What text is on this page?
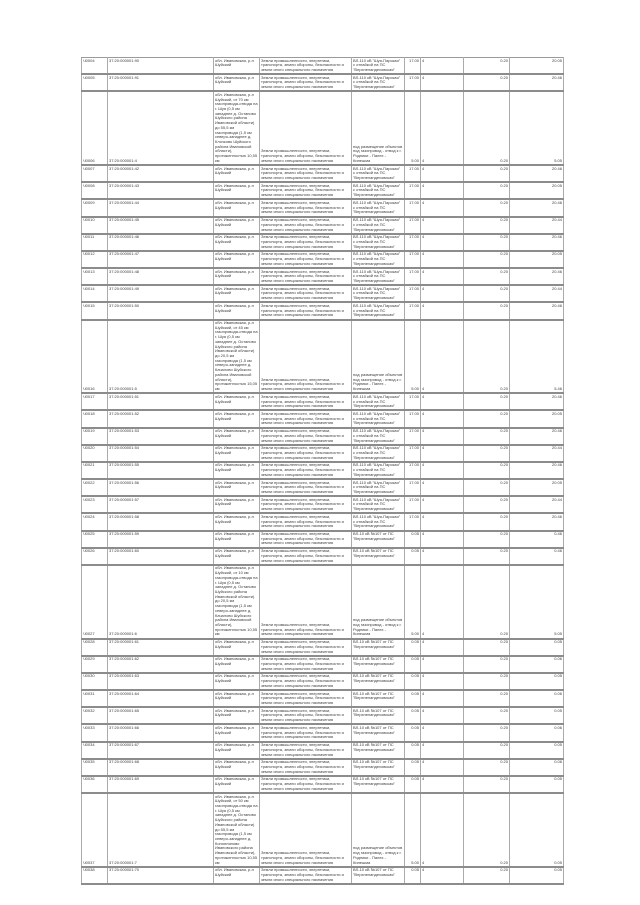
Ч0004	37:20:000001:90	обл. Ивановская, р-н Шуйский	Земли промышленности, энергетики, транспорта, земли обороны, безопасности и земли иного специального назначения	ВЛ-110 кВ "Шуя-Парская" с отпайкой на ПС "Верхнеландеховская"	17.00	4	0.20	20.05
Ч0005	37:20:000001:91	обл. Ивановская, р-н Шуйский	Земли промышленности, энергетики, транспорта, земли обороны, безопасности и земли иного специального назначения	ВЛ-110 кВ "Шуя-Парская" с отпайкой на ПС "Верхнеландеховская"	17.00	4	0.20	20.46
Ч0006	37:20:000001:4	обл. Ивановская, р-н Шуйский, от 70 км газопровода-отвода на г. Шуя (0,5 км западнее д. Остапово Шуйского района Ивановской области) до 55,5 км газопровода (1,5 км северо-западнее д. Клочково Шуйского района Ивановской области), протяженностью 10,55 км	Земли промышленности, энергетики, транспорта, земли обороны, безопасности и земли иного специального назначения	под размещение объектов под газопровод - отвод к г. Родники - Палех - Кинешма	5.00	4	0.20	5.05
Ч0007	37:20:000001:42	обл. Ивановская, р-н Шуйский	Земли промышленности, энергетики, транспорта, земли обороны, безопасности и земли иного специального назначения	ВЛ-110 кВ "Шуя-Парская" с отпайкой на ПС "Верхнеландеховская"	17.00	4	0.20	20.46
Ч0008	37:20:000001:43	обл. Ивановская, р-н Шуйский	Земли промышленности, энергетики, транспорта, земли обороны, безопасности и земли иного специального назначения	ВЛ-110 кВ "Шуя-Парская" с отпайкой на ПС "Верхнеландеховская"	17.00	4	0.20	20.05
Ч0009	37:20:000001:44	обл. Ивановская, р-н Шуйский	Земли промышленности, энергетики, транспорта, земли обороны, безопасности и земли иного специального назначения	ВЛ-110 кВ "Шуя-Парская" с отпайкой на ПС "Верхнеландеховская"	17.00	4	0.20	20.46
Ч0010	37:20:000001:45	обл. Ивановская, р-н Шуйский	Земли промышленности, энергетики, транспорта, земли обороны, безопасности и земли иного специального назначения	ВЛ-110 кВ "Шуя-Парская" с отпайкой на ПС "Верхнеландеховская"	17.00	4	0.20	20.44
Ч0011	37:20:000001:46	обл. Ивановская, р-н Шуйский	Земли промышленности, энергетики, транспорта, земли обороны, безопасности и земли иного специального назначения	ВЛ-110 кВ "Шуя-Парская" с отпайкой на ПС "Верхнеландеховская"	17.00	4	0.20	20.46
Ч0012	37:20:000001:47	обл. Ивановская, р-н Шуйский	Земли промышленности, энергетики, транспорта, земли обороны, безопасности и земли иного специального назначения	ВЛ-110 кВ "Шуя-Парская" с отпайкой на ПС "Верхнеландеховская"	17.00	4	0.20	20.05
Ч0013	37:20:000001:48	обл. Ивановская, р-н Шуйский	Земли промышленности, энергетики, транспорта, земли обороны, безопасности и земли иного специального назначения	ВЛ-110 кВ "Шуя-Парская" с отпайкой на ПС "Верхнеландеховская"	17.00	4	0.20	20.46
Ч0014	37:20:000001:49	обл. Ивановская, р-н Шуйский	Земли промышленности, энергетики, транспорта, земли обороны, безопасности и земли иного специального назначения	ВЛ-110 кВ "Шуя-Парская" с отпайкой на ПС "Верхнеландеховская"	17.00	4	0.20	20.44
Ч0015	37:20:000001:50	обл. Ивановская, р-н Шуйский	Земли промышленности, энергетики, транспорта, земли обороны, безопасности и земли иного специального назначения	ВЛ-110 кВ "Шуя-Парская" с отпайкой на ПС "Верхнеландеховская"	17.00	4	0.20	20.46
Ч0016	37:20:000001:5	обл. Ивановская, р-н Шуйский, от 45 км газопровода-отвода на г. Шуя (0,5 км западнее д. Остапово Шуйского района Ивановской области) до 20,5 км газопровода (1,5 км северо-западнее д. Качалово Шуйского района Ивановской области), протяженностью 15,05 км	Земли промышленности, энергетики, транспорта, земли обороны, безопасности и земли иного специального назначения	под размещение объектов под газопровод - отвод к г. Родники - Палех - Кинешма	5.00	4	0.20	5.46
Ч0017	37:20:000001:51	обл. Ивановская, р-н Шуйский	Земли промышленности, энергетики, транспорта, земли обороны, безопасности и земли иного специального назначения	ВЛ-110 кВ "Шуя-Парская" с отпайкой на ПС "Верхнеландеховская"	17.00	4	0.20	20.46
Ч0018	37:20:000001:52	обл. Ивановская, р-н Шуйский	Земли промышленности, энергетики, транспорта, земли обороны, безопасности и земли иного специального назначения	ВЛ-110 кВ "Шуя-Парская" с отпайкой на ПС "Верхнеландеховская"	17.00	4	0.20	20.05
Ч0019	37:20:000001:53	обл. Ивановская, р-н Шуйский	Земли промышленности, энергетики, транспорта, земли обороны, безопасности и земли иного специального назначения	ВЛ-110 кВ "Шуя-Парская" с отпайкой на ПС "Верхнеландеховская"	17.00	4	0.20	20.46
Ч0020	37:20:000001:54	обл. Ивановская, р-н Шуйский	Земли промышленности, энергетики, транспорта, земли обороны, безопасности и земли иного специального назначения	ВЛ-110 кВ "Шуя-Парская" с отпайкой на ПС "Верхнеландеховская"	17.00	4	0.20	20.44
Ч0021	37:20:000001:55	обл. Ивановская, р-н Шуйский	Земли промышленности, энергетики, транспорта, земли обороны, безопасности и земли иного специального назначения	ВЛ-110 кВ "Шуя-Парская" с отпайкой на ПС "Верхнеландеховская"	17.00	4	0.20	20.46
Ч0022	37:20:000001:56	обл. Ивановская, р-н Шуйский	Земли промышленности, энергетики, транспорта, земли обороны, безопасности и земли иного специального назначения	ВЛ-110 кВ "Шуя-Парская" с отпайкой на ПС "Верхнеландеховская"	17.00	4	0.20	20.05
Ч0023	37:20:000001:57	обл. Ивановская, р-н Шуйский	Земли промышленности, энергетики, транспорта, земли обороны, безопасности и земли иного специального назначения	ВЛ-110 кВ "Шуя-Парская" с отпайкой на ПС "Верхнеландеховская"	17.00	4	0.20	20.44
Ч0024	37:20:000001:58	обл. Ивановская, р-н Шуйский	Земли промышленности, энергетики, транспорта, земли обороны, безопасности и земли иного специального назначения	ВЛ-110 кВ "Шуя-Парская" с отпайкой на ПС "Верхнеландеховская"	17.00	4	0.20	20.46
Ч0025	37:20:000001:59	обл. Ивановская, р-н Шуйский	Земли промышленности, энергетики, транспорта, земли обороны, безопасности и земли иного специального назначения	ВЛ-10 кВ №107 от ПС "Верхнеландеховская"	0.05	4	0.20	0.46
Ч0026	37:20:000001:60	обл. Ивановская, р-н Шуйский	Земли промышленности, энергетики, транспорта, земли обороны, безопасности и земли иного специального назначения	ВЛ-10 кВ №107 от ПС "Верхнеландеховская"	0.05	4	0.20	0.46
Ч0027	37:20:000001:6	обл. Ивановская, р-н Шуйский, от 10 км газопровода-отвода на г. Шуя (0,5 км западнее д. Остапово Шуйского района Ивановской области) до 20,5 км газопровода (1,5 км северо-западнее д. Качалово Шуйского района Ивановской области), протяженностью 10,55 км	Земли промышленности, энергетики, транспорта, земли обороны, безопасности и земли иного специального назначения	под размещение объектов под газопровод - отвод к г. Родники - Палех - Кинешма	5.00	4	0.20	5.05
Ч0028	37:20:000001:61	обл. Ивановская, р-н Шуйский	Земли промышленности, энергетики, транспорта, земли обороны, безопасности и земли иного специального назначения	ВЛ-10 кВ №107 от ПС "Верхнеландеховская"	0.05	4	0.20	0.05
Ч0029	37:20:000001:62	обл. Ивановская, р-н Шуйский	Земли промышленности, энергетики, транспорта, земли обороны, безопасности и земли иного специального назначения	ВЛ-10 кВ №107 от ПС "Верхнеландеховская"	0.05	4	0.20	0.06
Ч0030	37:20:000001:63	обл. Ивановская, р-н Шуйский	Земли промышленности, энергетики, транспорта, земли обороны, безопасности и земли иного специального назначения	ВЛ-10 кВ №107 от ПС "Верхнеландеховская"	0.05	4	0.20	0.05
Ч0031	37:20:000001:64	обл. Ивановская, р-н Шуйский	Земли промышленности, энергетики, транспорта, земли обороны, безопасности и земли иного специального назначения	ВЛ-10 кВ №107 от ПС "Верхнеландеховская"	0.05	4	0.20	0.06
Ч0032	37:20:000001:65	обл. Ивановская, р-н Шуйский	Земли промышленности, энергетики, транспорта, земли обороны, безопасности и земли иного специального назначения	ВЛ-10 кВ №107 от ПС "Верхнеландеховская"	0.05	4	0.20	0.05
Ч0033	37:20:000001:66	обл. Ивановская, р-н Шуйский	Земли промышленности, энергетики, транспорта, земли обороны, безопасности и земли иного специального назначения	ВЛ-10 кВ №107 от ПС "Верхнеландеховская"	0.05	4	0.20	0.06
Ч0034	37:20:000001:67	обл. Ивановская, р-н Шуйский	Земли промышленности, энергетики, транспорта, земли обороны, безопасности и земли иного специального назначения	ВЛ-10 кВ №107 от ПС "Верхнеландеховская"	0.05	4	0.20	0.05
Ч0035	37:20:000001:68	обл. Ивановская, р-н Шуйский	Земли промышленности, энергетики, транспорта, земли обороны, безопасности и земли иного специального назначения	ВЛ-10 кВ №107 от ПС "Верхнеландеховская"	0.05	4	0.20	0.06
Ч0036	37:20:000001:69	обл. Ивановская, р-н Шуйский	Земли промышленности, энергетики, транспорта, земли обороны, безопасности и земли иного специального назначения	ВЛ-10 кВ №107 от ПС "Верхнеландеховская"	0.05	4	0.20	0.05
Ч0037	37:20:000001:7	обл. Ивановская, р-н Шуйский, от 50 км газопровода-отвода на г. Шуя (0,5 км западнее д. Остапово Шуйского района Ивановской области) до 55,5 км газопровода (1,5 км северо-западнее д. Конопляново Ивановского района Ивановской области), протяженностью 10,55 км	Земли промышленности, энергетики, транспорта, земли обороны, безопасности и земли иного специального назначения	под размещение объектов под газопровод - отвод к г. Родники - Палех - Кинешма	5.00	4	0.20	0.05
Ч0038	37:20:000001:70	обл. Ивановская, р-н Шуйский	Земли промышленности, энергетики, транспорта, земли обороны, безопасности и земли иного специального назначения	ВЛ-10 кВ №107 от ПС "Верхнеландеховская"	0.05	4	0.20	0.05
